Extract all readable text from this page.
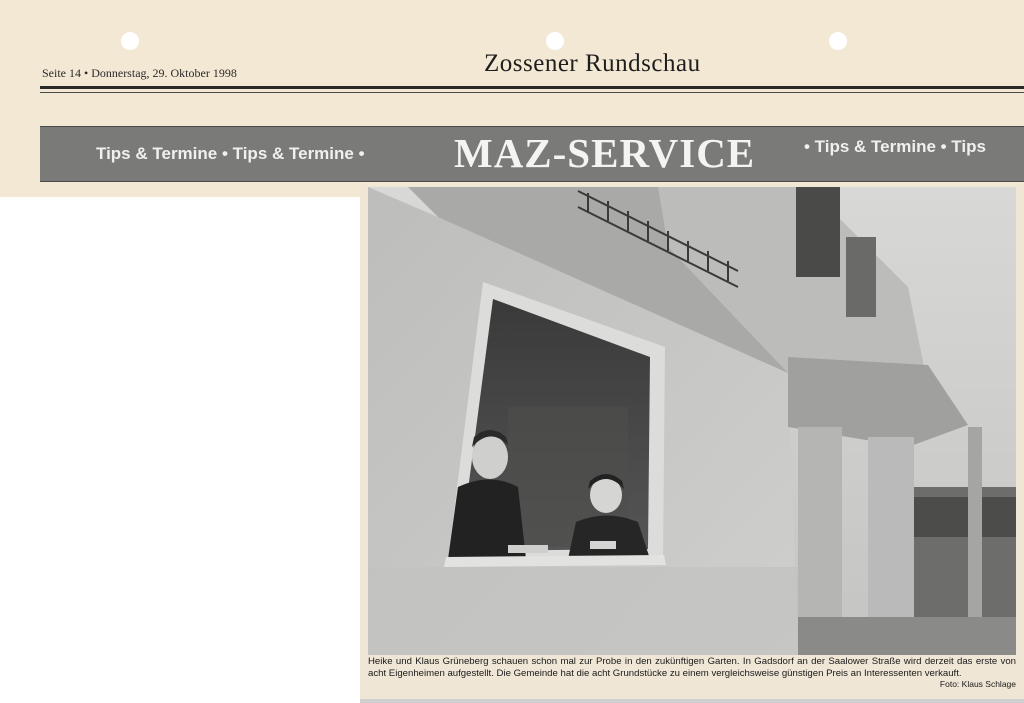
Seite 14 • Donnerstag, 29. Oktober 1998	Zossener Rundschau
Tips & Termine • Tips & Termine • MAZ-SERVICE	• Tips & Termine • Tips
Heike und Klaus Grüneberg schauen schon mal zur Probe in den zukünftigen Garten. In Gadsdorf an der Saalower Straße wird derzeit das erste von acht Eigenheimen aufgestellt. Die Gemeinde hat die acht Grundstücke zu einem vergleichsweise günstigen Preis an Interessenten verkauft.
Foto: Klaus Schlage
